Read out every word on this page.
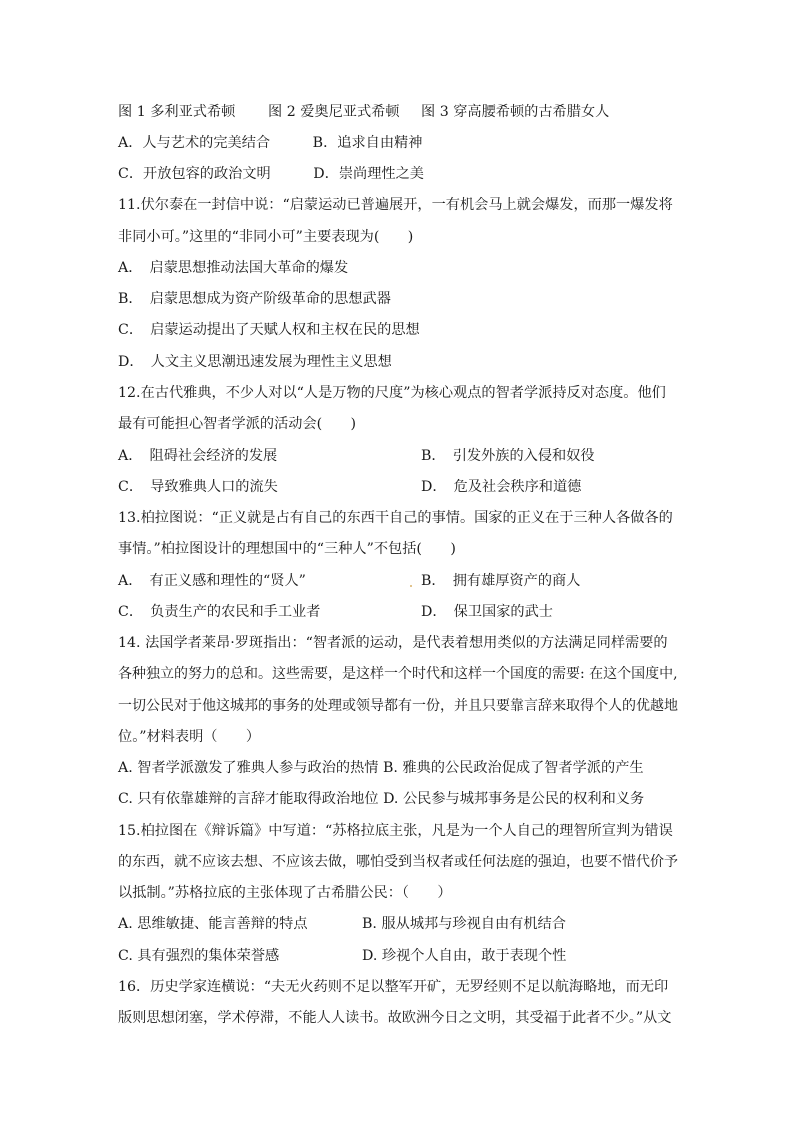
图 1 多利亚式希顿 图 2 爱奥尼亚式希顿 图 3 穿高腰希顿的古希腊女人
A．人与艺术的完美结合　　　B．追求自由精神
C．开放包容的政治文明　　　D．崇尚理性之美
11.伏尔泰在一封信中说：“启蒙运动已普遍展开，一有机会马上就会爆发，而那一爆发将
非同小可。”这里的“非同小可”主要表现为(　　)
A．　启蒙思想推动法国大革命的爆发
B．　启蒙思想成为资产阶级革命的思想武器
C．　启蒙运动提出了天赋人权和主权在民的思想
D．　人文主义思潮迅速发展为理性主义思想
12.在古代雅典，不少人对以“人是万物的尺度”为核心观点的智者学派持反对态度。他们
最有可能担心智者学派的活动会(　　)
A．　阻碍社会经济的发展	B．　引发外族的入侵和奴役
C．　导致雅典人口的流失	D．　危及社会秩序和道德
13.柏拉图说：“正义就是占有自己的东西干自己的事情。国家的正义在于三种人各做各的
事情。”柏拉图设计的理想国中的“三种人”不包括(　　)
A．　有正义感和理性的“贤人”	B．　拥有雄厚资产的商人
C．　负责生产的农民和手工业者	D．　保卫国家的武士
14. 法国学者莱昂·罗斑指出：“智者派的运动，是代表着想用类似的方法满足同样需要的
各种独立的努力的总和。这些需要，是这样一个时代和这样一个国度的需要: 在这个国度中,
一切公民对于他这城邦的事务的处理或领导都有一份，并且只要靠言辞来取得个人的优越地
位。”材料表明（　　）
A. 智者学派激发了雅典人参与政治的热情 B. 雅典的公民政治促成了智者学派的产生
C. 只有依靠雄辩的言辞才能取得政治地位 D. 公民参与城邦事务是公民的权利和义务
15.柏拉图在《辩诉篇》中写道：“苏格拉底主张，凡是为一个人自己的理智所宣判为错误
的东西，就不应该去想、不应该去做，哪怕受到当权者或任何法庭的强迫，也要不惜代价予
以抵制。”苏格拉底的主张体现了古希腊公民：（　　）
A. 思维敏捷、能言善辩的特点	B. 服从城邦与珍视自由有机结合
C. 具有强烈的集体荣誉感	D. 珍视个人自由，敢于表现个性
16．历史学家连横说：“夫无火药则不足以整军开矿，无罗经则不足以航海略地，而无印
版则思想闭塞，学术停滞，不能人人读书。故欧洲今日之文明，其受福于此者不少。”从文
